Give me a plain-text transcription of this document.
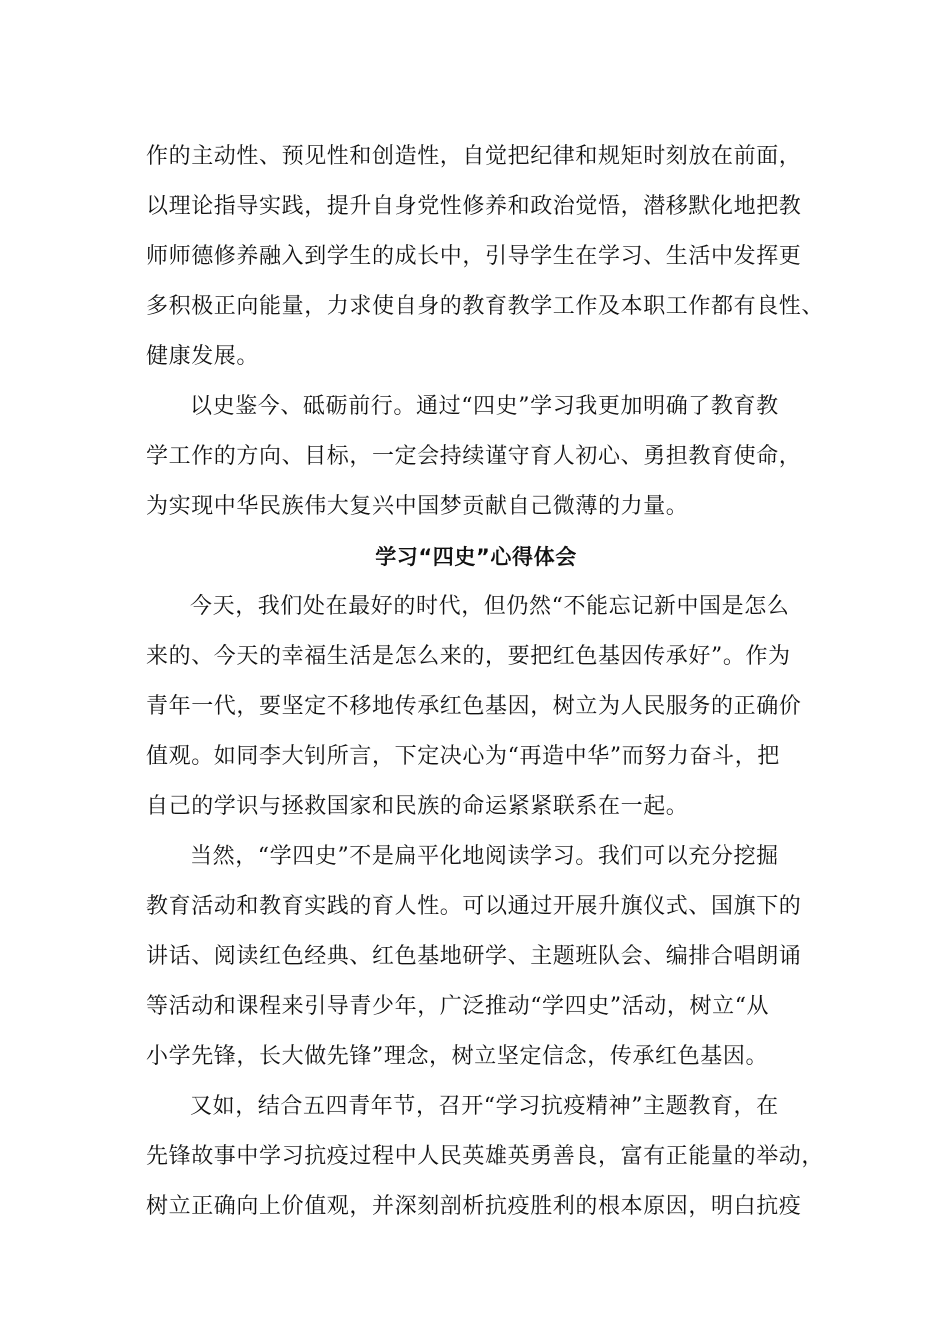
作的主动性、预见性和创造性，自觉把纪律和规矩时刻放在前面，
以理论指导实践，提升自身党性修养和政治觉悟，潜移默化地把教
师师德修养融入到学生的成长中，引导学生在学习、生活中发挥更
多积极正向能量，力求使自身的教育教学工作及本职工作都有良性、
健康发展。
以史鉴今、砥砺前行。通过“四史”学习我更加明确了教育教
学工作的方向、目标，一定会持续谨守育人初心、勇担教育使命，
为实现中华民族伟大复兴中国梦贡献自己微薄的力量。
学习“四史”心得体会
今天，我们处在最好的时代，但仍然“不能忘记新中国是怎么
来的、今天的幸福生活是怎么来的，要把红色基因传承好”。作为
青年一代，要坚定不移地传承红色基因，树立为人民服务的正确价
值观。如同李大钊所言，下定决心为“再造中华”而努力奋斗，把
自己的学识与拯救国家和民族的命运紧紧联系在一起。
当然，“学四史”不是扁平化地阅读学习。我们可以充分挖掘
教育活动和教育实践的育人性。可以通过开展升旗仪式、国旗下的
讲话、阅读红色经典、红色基地研学、主题班队会、编排合唱朗诵
等活动和课程来引导青少年，广泛推动“学四史”活动，树立“从
小学先锋，长大做先锋”理念，树立坚定信念，传承红色基因。
又如，结合五四青年节，召开“学习抗疫精神”主题教育，在
先锋故事中学习抗疫过程中人民英雄英勇善良，富有正能量的举动，
树立正确向上价值观，并深刻剖析抗疫胜利的根本原因，明白抗疫
